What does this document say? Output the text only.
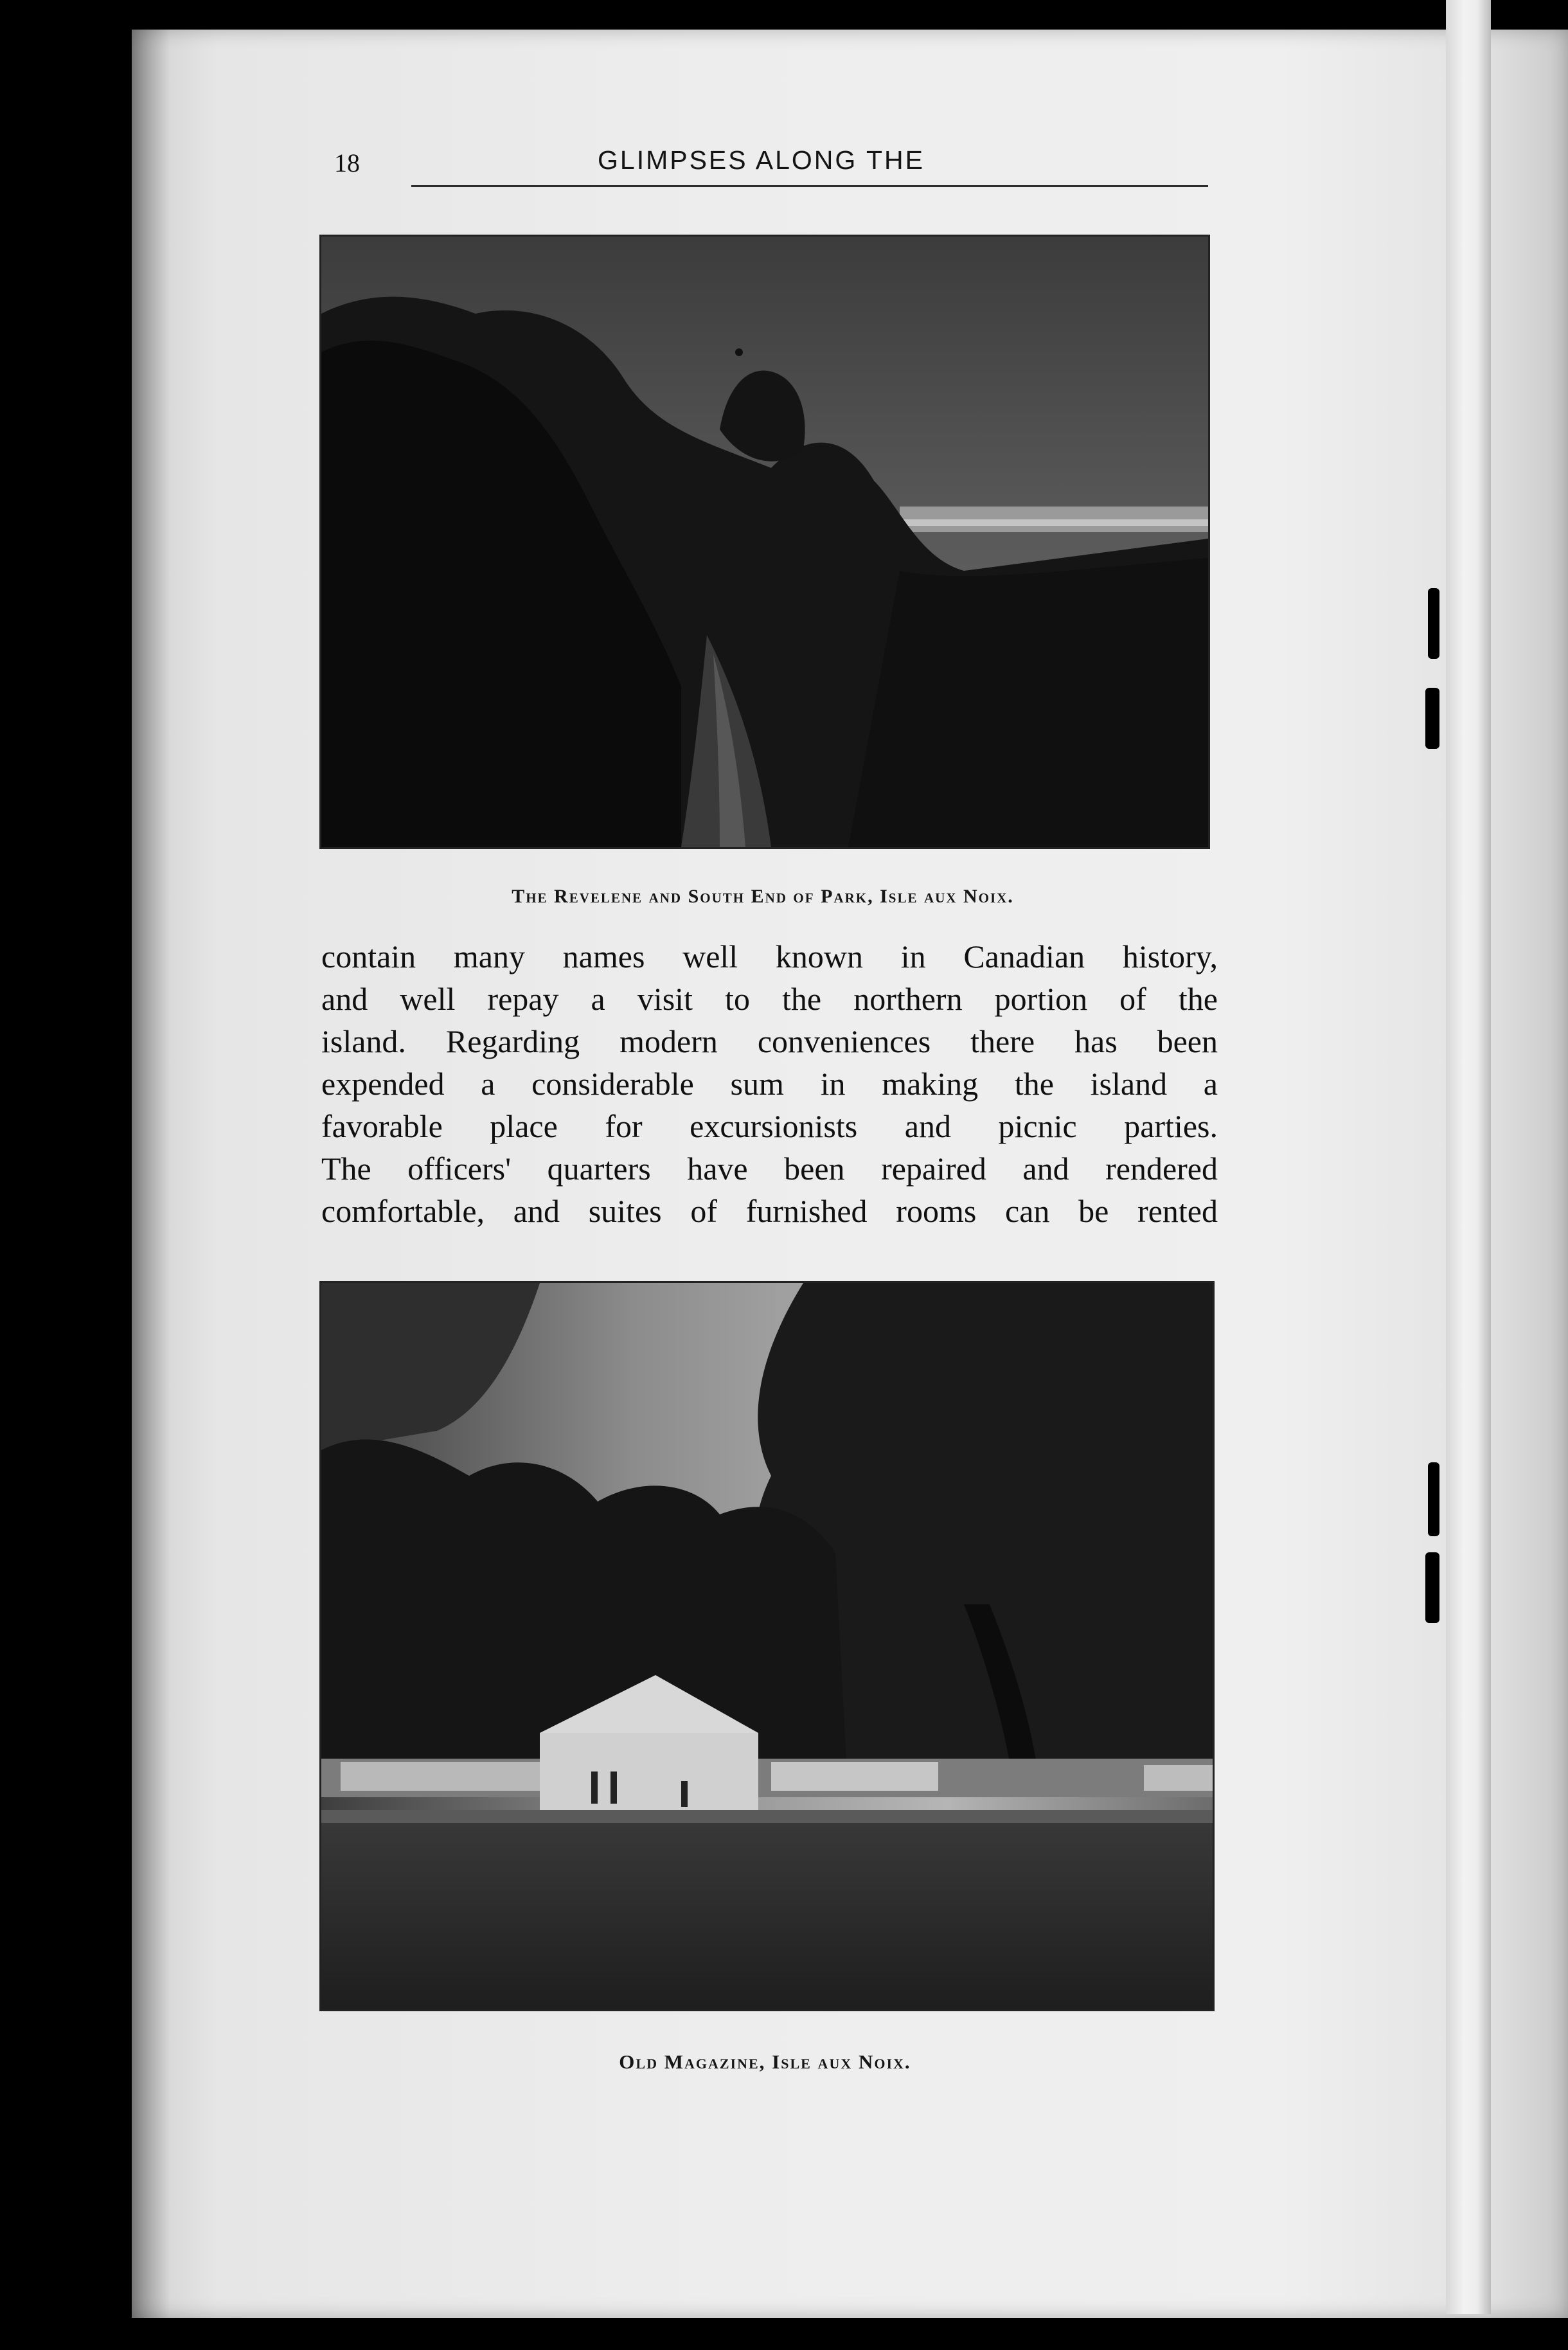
18	GLIMPSES ALONG THE
The Revelene and South End of Park, Isle aux Noix.
contain many names well known in Canadian history,
and well repay a visit to the northern portion of the
island. Regarding modern conveniences there has been
expended a considerable sum in making the island a
favorable place for excursionists and picnic parties.
The officers' quarters have been repaired and rendered
comfortable, and suites of furnished rooms can be rented
Old Magazine, Isle aux Noix.
